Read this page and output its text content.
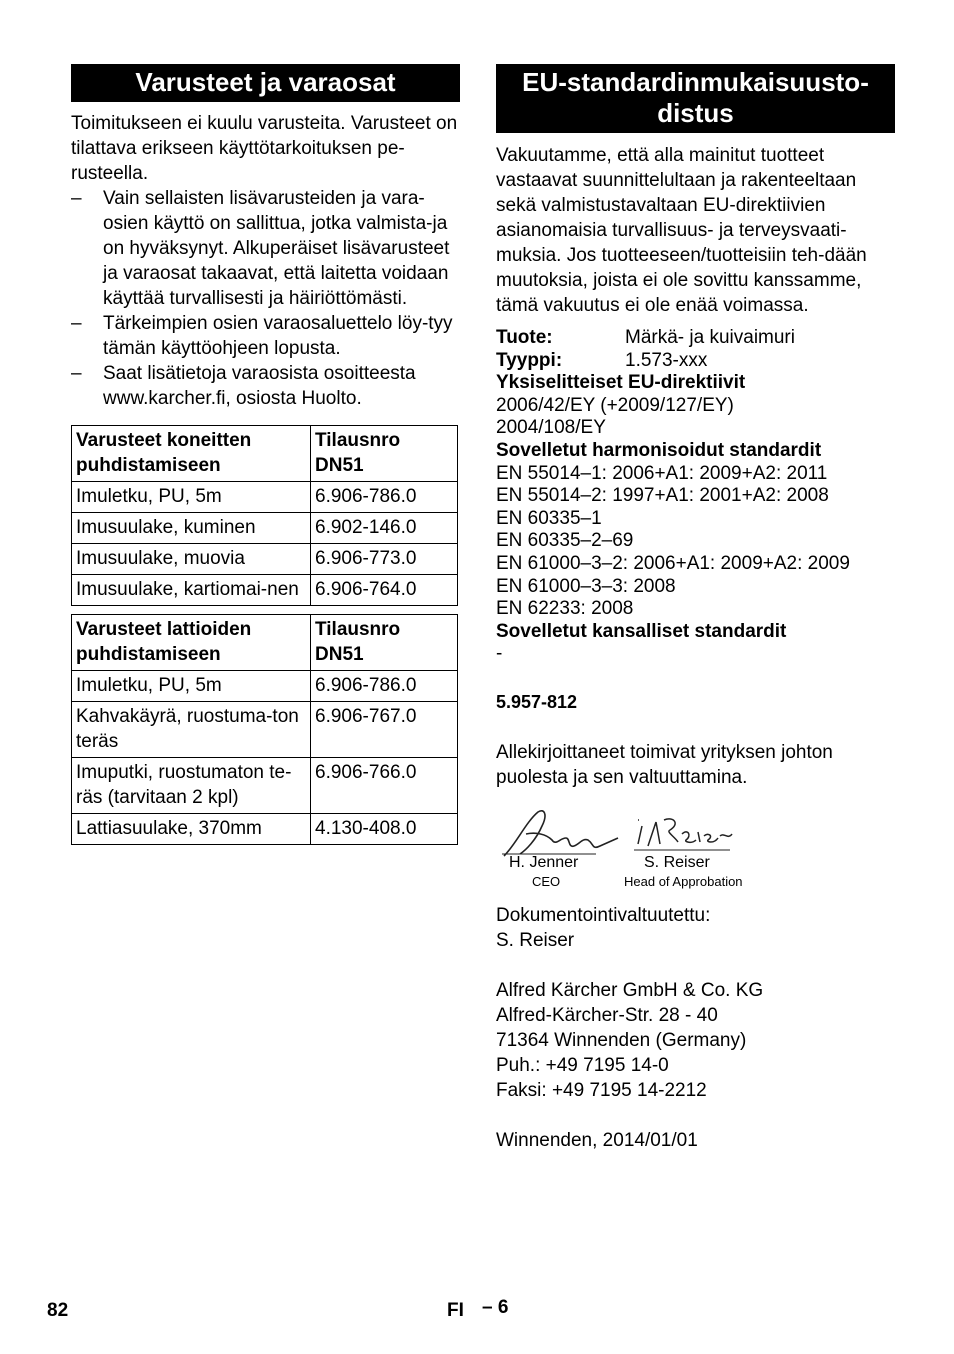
Varusteet ja varaosat

Toimitukseen ei kuulu varusteita. Varusteet on tilattava erikseen käyttötarkoituksen pe-rusteella.

– Vain sellaisten lisävarusteiden ja vara-osien käyttö on sallittua, jotka valmista-ja on hyväksynyt. Alkuperäiset lisävarusteet ja varaosat takaavat, että laitetta voidaan käyttää turvallisesti ja häiriöttömästi.
– Tärkeimpien osien varaosaluettelo löy-tyy tämän käyttöohjeen lopusta.
– Saat lisätietoja varaosista osoitteesta www.karcher.fi, osiosta Huolto.
Varusteet koneitten puhdistamiseen	Tilausnro DN51
Imuletku, PU, 5m	6.906-786.0
Imusuulake, kuminen	6.902-146.0
Imusuulake, muovia	6.906-773.0
Imusuulake, kartiomai-nen	6.906-764.0
Varusteet lattioiden puhdistamiseen	Tilausnro DN51
Imuletku, PU, 5m	6.906-786.0
Kahvakäyrä, ruostuma-ton teräs	6.906-767.0
Imuputki, ruostumaton te-räs (tarvitaan 2 kpl)	6.906-766.0
Lattiasuulake, 370mm	4.130-408.0
EU-standardinmukaisuusto-distus

Vakuutamme, että alla mainitut tuotteet vastaavat suunnittelultaan ja rakenteeltaan sekä valmistustavaltaan EU-direktiivien asianomaisia turvallisuus- ja terveysvaati-muksia. Jos tuotteeseen/tuotteisiin teh-dään muutoksia, joista ei ole sovittu kanssamme, tämä vakuutus ei ole enää voimassa.

Tuote:	Märkä- ja kuivaimuri
Tyyppi:	1.573-xxx
Yksiselitteiset EU-direktiivit
2006/42/EY (+2009/127/EY)
2004/108/EY
Sovelletut harmonisoidut standardit
EN 55014–1: 2006+A1: 2009+A2: 2011
EN 55014–2: 1997+A1: 2001+A2: 2008
EN 60335–1
EN 60335–2–69
EN 61000–3–2: 2006+A1: 2009+A2: 2009
EN 61000–3–3: 2008
EN 62233: 2008
Sovelletut kansalliset standardit
-
5.957-812

Allekirjoittaneet toimivat yrityksen johton puolesta ja sen valtuuttamina.

H. Jenner
CEO
S. Reiser
Head of Approbation
Dokumentointivaltuutettu:
S. Reiser
Alfred Kärcher GmbH & Co. KG
Alfred-Kärcher-Str. 28 - 40
71364 Winnenden (Germany)
Puh.: +49 7195 14-0
Faksi: +49 7195 14-2212
Winnenden, 2014/01/01
82	FI – 6
